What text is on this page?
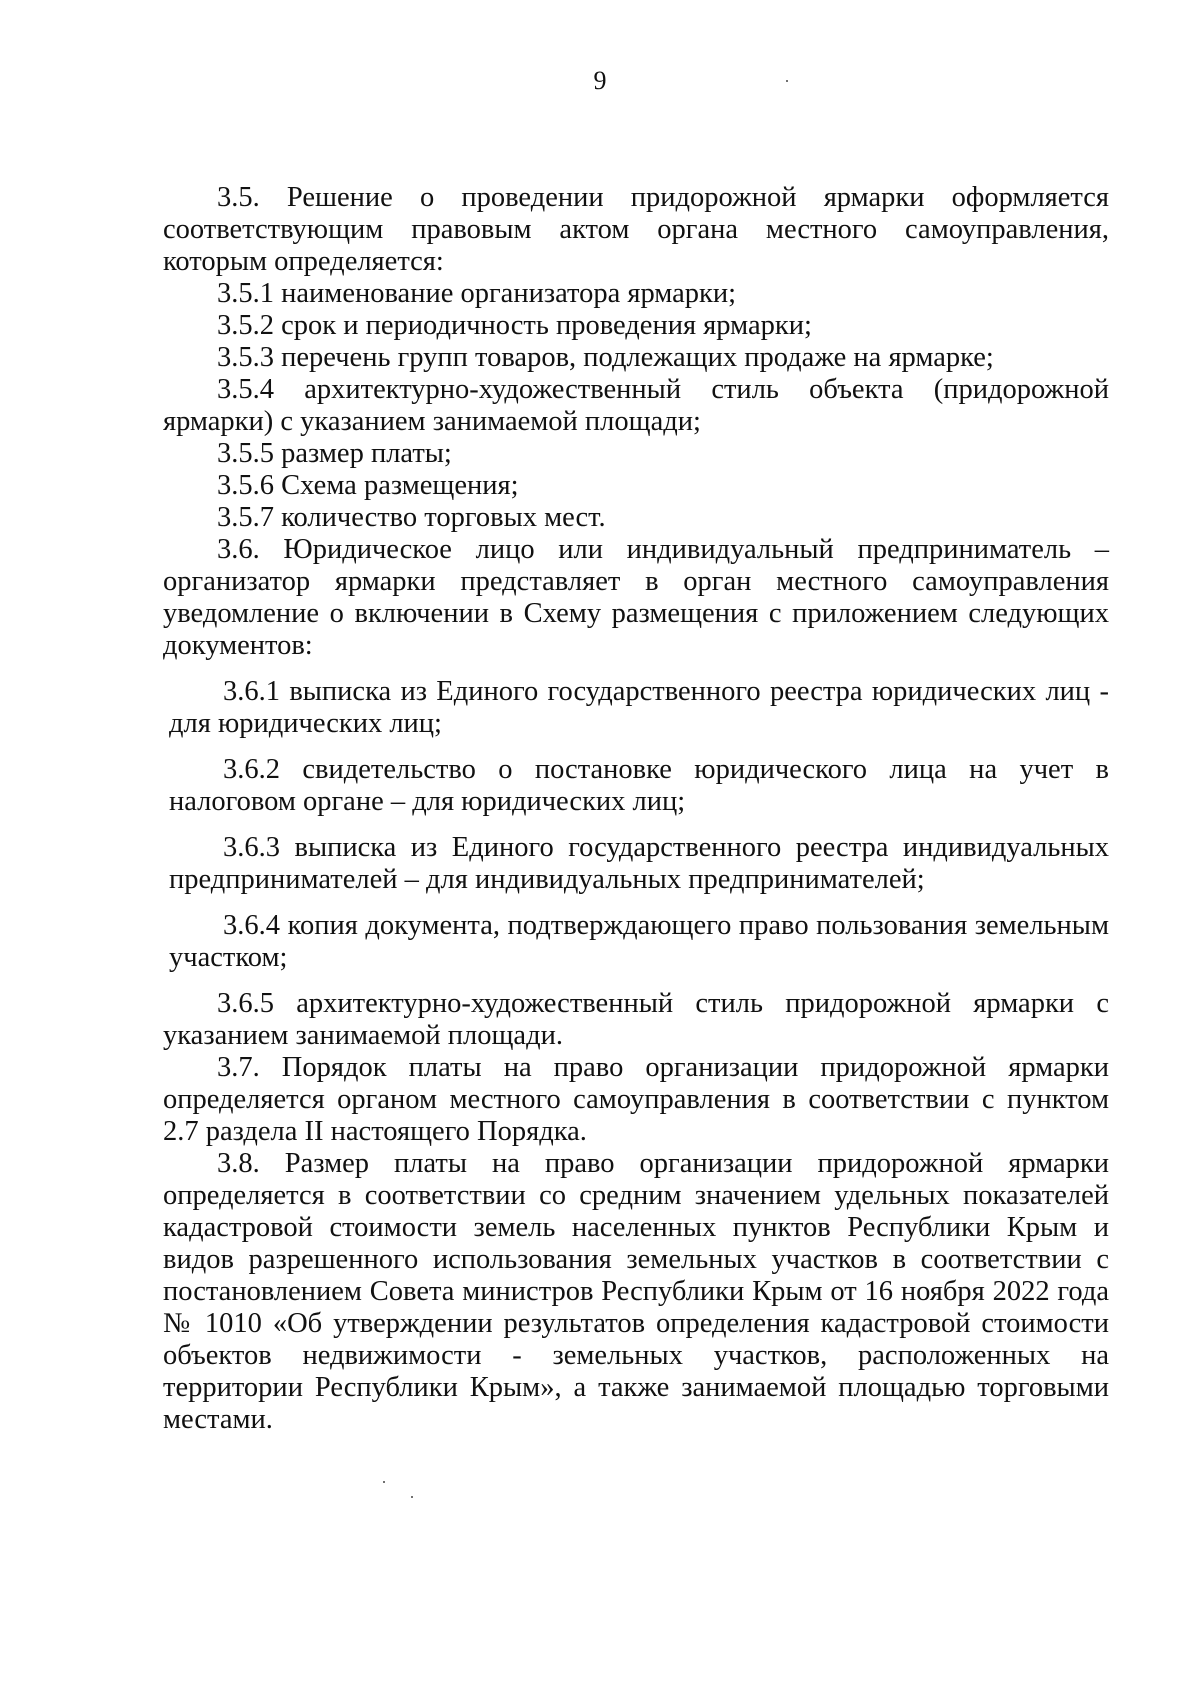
9

3.5. Решение о проведении придорожной ярмарки оформляется соответствующим правовым актом органа местного самоуправления, которым определяется:

3.5.1 наименование организатора ярмарки;

3.5.2 срок и периодичность проведения ярмарки;

3.5.3 перечень групп товаров, подлежащих продаже на ярмарке;

3.5.4 архитектурно-художественный стиль объекта (придорожной ярмарки) с указанием занимаемой площади;

3.5.5 размер платы;

3.5.6 Схема размещения;

3.5.7 количество торговых мест.

3.6. Юридическое лицо или индивидуальный предприниматель – организатор ярмарки представляет в орган местного самоуправления уведомление о включении в Схему размещения с приложением следующих документов:

3.6.1 выписка из Единого государственного реестра юридических лиц - для юридических лиц;

3.6.2 свидетельство о постановке юридического лица на учет в налоговом органе – для юридических лиц;

3.6.3 выписка из Единого государственного реестра индивидуальных предпринимателей – для индивидуальных предпринимателей;

3.6.4 копия документа, подтверждающего право пользования земельным участком;

3.6.5 архитектурно-художественный стиль придорожной ярмарки с указанием занимаемой площади.

3.7. Порядок платы на право организации придорожной ярмарки определяется органом местного самоуправления в соответствии с пунктом 2.7 раздела II настоящего Порядка.

3.8. Размер платы на право организации придорожной ярмарки определяется в соответствии со средним значением удельных показателей кадастровой стоимости земель населенных пунктов Республики Крым и видов разрешенного использования земельных участков в соответствии с постановлением Совета министров Республики Крым от 16 ноября 2022 года № 1010 «Об утверждении результатов определения кадастровой стоимости объектов недвижимости - земельных участков, расположенных на территории Республики Крым», а также занимаемой площадью торговыми местами.
